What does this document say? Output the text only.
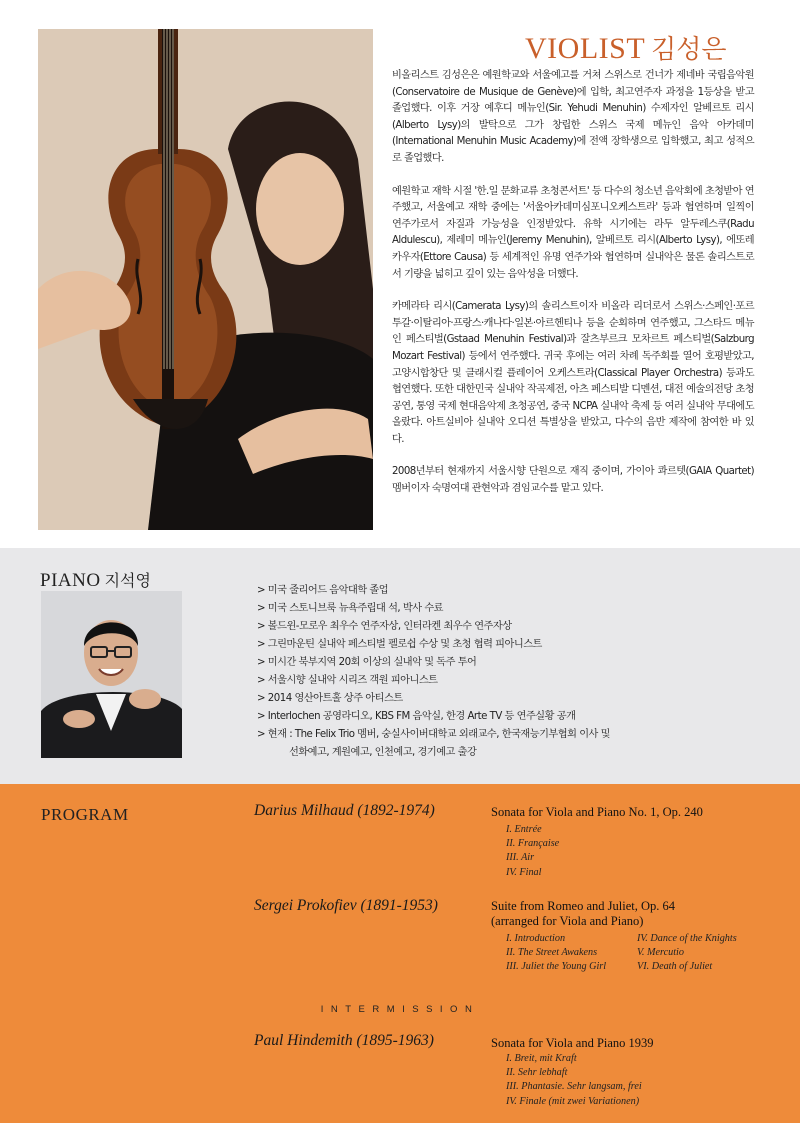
VIOLIST 김성은

비올리스트 김성은은 예원학교와 서울예고를 거쳐 스위스로 건너가 제네바 국립음악원(Conservatoire de Musique de Genève)에 입학, 최고연주자 과정을 1등상을 받고 졸업했다. 이후 거장 예후디 메뉴인(Sir. Yehudi Menuhin) 수제자인 알베르토 리시(Alberto Lysy)의 발탁으로 그가 창립한 스위스 국제 메뉴인 음악 아카데미(International Menuhin Music Academy)에 전액 장학생으로 입학했고, 최고 성적으로 졸업했다.

예원학교 재학 시절 '한.일 문화교류 초청콘서트' 등 다수의 청소년 음악회에 초청받아 연주했고, 서울예고 재학 중에는 '서울아카데미심포니오케스트라' 등과 협연하며 일찍이 연주가로서 자질과 가능성을 인정받았다. 유학 시기에는 라두 알두레스쿠(Radu Aldulescu), 제레미 메뉴인(Jeremy Menuhin), 알베르토 리시(Alberto Lysy), 에또레 카우자(Ettore Causa) 등 세계적인 유명 연주가와 협연하며 실내악은 물론 솔리스트로서 기량을 넓히고 깊이 있는 음악성을 더했다.

카메라타 리시(Camerata Lysy)의 솔리스트이자 비올라 리더로서 스위스·스페인·포르투갈·이탈리아·프랑스·캐나다·일본·아르헨티나 등을 순회하며 연주했고, 그스타드 메뉴인 페스티벌(Gstaad Menuhin Festival)과 잘츠부르크 모차르트 페스티벌(Salzburg Mozart Festival) 등에서 연주했다. 귀국 후에는 여러 차례 독주회를 열어 호평받았고, 고양시합창단 및 클래시컬 플레이어 오케스트라(Classical Player Orchestra) 등과도 협연했다. 또한 대한민국 실내악 작곡제전, 아츠 페스티발 디멘션, 대전 예술의전당 초청공연, 통영 국제 현대음악제 초청공연, 중국 NCPA 실내악 축제 등 여러 실내악 무대에도 올랐다. 아트실비아 실내악 오디션 특별상을 받았고, 다수의 음반 제작에 참여한 바 있다.

2008년부터 현재까지 서울시향 단원으로 재직 중이며, 가이아 콰르텟(GAIA Quartet) 멤버이자 숙명여대 관현악과 겸임교수를 맡고 있다.

PIANO 지석영
> 미국 줄리어드 음악대학 졸업
> 미국 스토니브룩 뉴욕주립대 석, 박사 수료
> 볼드윈-모로우 최우수 연주자상, 인터라켄 최우수 연주자상
> 그린마운틴 실내악 페스티벌 펠로쉽 수상 및 초청 협력 피아니스트
> 미시간 북부지역 20회 이상의 실내악 및 독주 투어
> 서울시향 실내악 시리즈 객원 피아니스트
> 2014 영산아트홀 상주 아티스트
> Interlochen 공영라디오, KBS FM 음악실, 한경 Arte TV 등 연주실황 공개
> 현재 : The Felix Trio 멤버, 숭실사이버대학교 외래교수, 한국재능기부협회 이사 및
선화예고, 계원예고, 인천예고, 경기예고 출강
PROGRAM	Darius Milhaud (1892-1974)	Sonata for Viola and Piano No. 1, Op. 240
I. Entrée
II. Française
III. Air
IV. Final
Sergei Prokofiev (1891-1953)	Suite from Romeo and Juliet, Op. 64
(arranged for Viola and Piano)
I. Introduction
II. The Street Awakens
III. Juliet the Young Girl
IV. Dance of the Knights
V. Mercutio
VI. Death of Juliet
INTERMISSION
Paul Hindemith (1895-1963)	Sonata for Viola and Piano 1939
I. Breit, mit Kraft
II. Sehr lebhaft
III. Phantasie. Sehr langsam, frei
IV. Finale (mit zwei Variationen)
